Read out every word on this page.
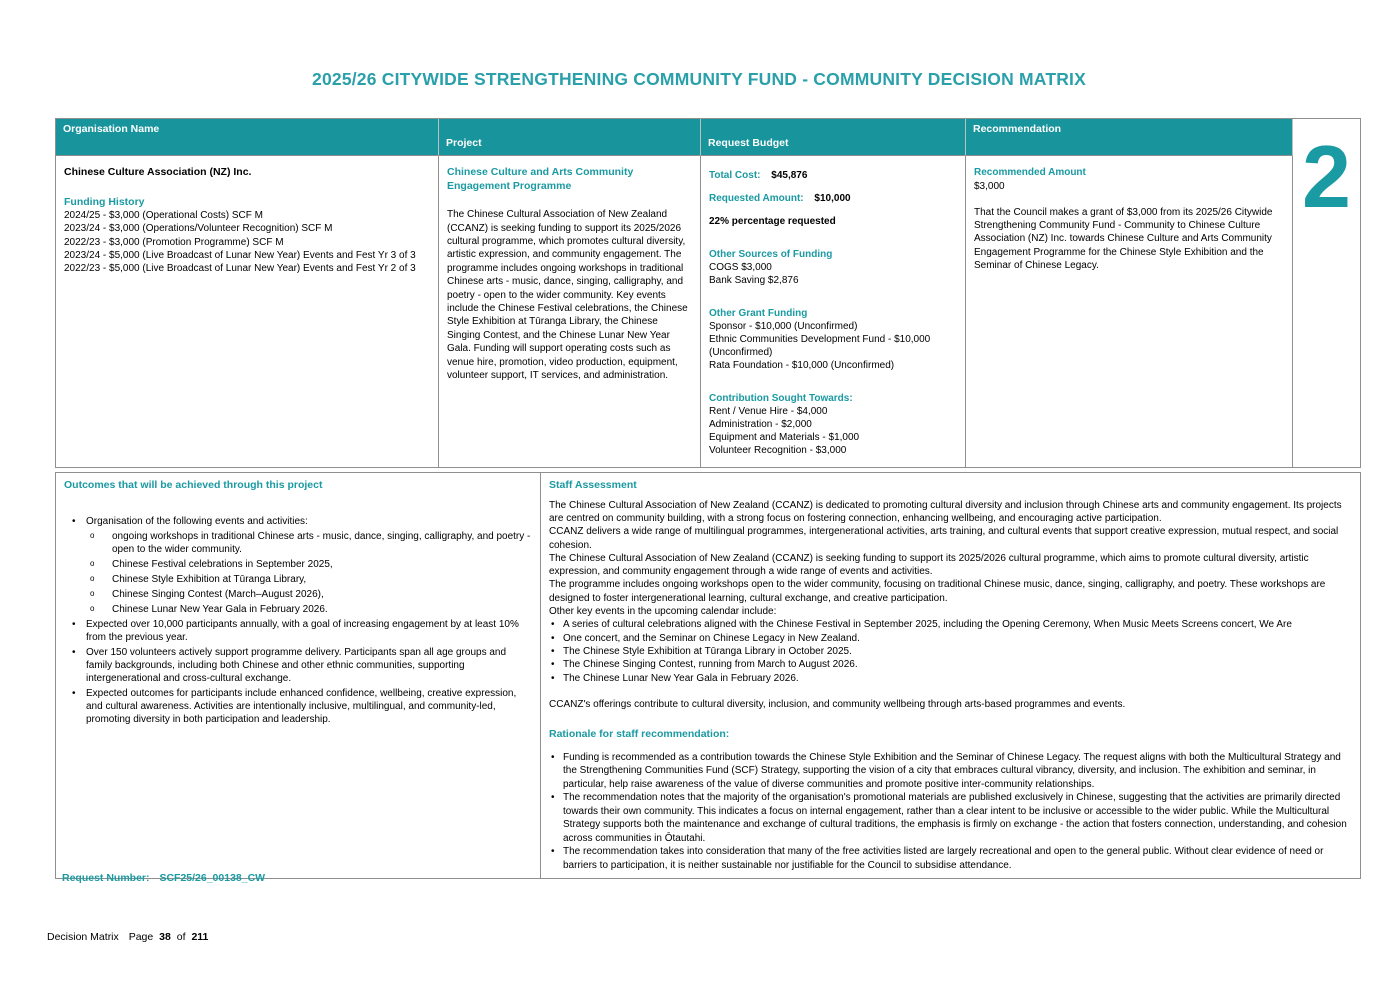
2025/26 CITYWIDE STRENGTHENING COMMUNITY FUND - COMMUNITY DECISION MATRIX
Organisation Name
Project	Request Budget
Recommendation	2
Chinese Culture Association (NZ) Inc.
Funding History
2024/25 - $3,000 (Operational Costs) SCF M
2023/24 - $3,000 (Operations/Volunteer Recognition) SCF M
2022/23 - $3,000 (Promotion Programme) SCF M
2023/24 - $5,000 (Live Broadcast of Lunar New Year) Events and Fest Yr 3 of 3
2022/23 - $5,000 (Live Broadcast of Lunar New Year) Events and Fest Yr 2 of 3
Chinese Culture and Arts Community Engagement Programme
The Chinese Cultural Association of New Zealand (CCANZ) is seeking funding to support its 2025/2026 cultural programme, which promotes cultural diversity, artistic expression, and community engagement. The programme includes ongoing workshops in traditional Chinese arts - music, dance, singing, calligraphy, and poetry - open to the wider community. Key events include the Chinese Festival celebrations, the Chinese Style Exhibition at Tūranga Library, the Chinese Singing Contest, and the Chinese Lunar New Year Gala. Funding will support operating costs such as venue hire, promotion, video production, equipment, volunteer support, IT services, and administration.
Total Cost: $45,876
Requested Amount: $10,000
22% percentage requested
Other Sources of Funding
COGS $3,000
Bank Saving $2,876
Other Grant Funding
Sponsor - $10,000 (Unconfirmed)
Ethnic Communities Development Fund - $10,000 (Unconfirmed)
Rata Foundation - $10,000 (Unconfirmed)
Contribution Sought Towards:
Rent / Venue Hire - $4,000
Administration - $2,000
Equipment and Materials - $1,000
Volunteer Recognition - $3,000
Recommended Amount
$3,000
That the Council makes a grant of $3,000 from its 2025/26 Citywide Strengthening Community Fund - Community to Chinese Culture Association (NZ) Inc. towards Chinese Culture and Arts Community Engagement Programme for the Chinese Style Exhibition and the Seminar of Chinese Legacy.
Outcomes that will be achieved through this project
• Organisation of the following events and activities:
o ongoing workshops in traditional Chinese arts - music, dance, singing, calligraphy, and poetry - open to the wider community.
o Chinese Festival celebrations in September 2025,
o Chinese Style Exhibition at Tūranga Library,
o Chinese Singing Contest (March–August 2026),
o Chinese Lunar New Year Gala in February 2026.
• Expected over 10,000 participants annually, with a goal of increasing engagement by at least 10% from the previous year.
• Over 150 volunteers actively support programme delivery. Participants span all age groups and family backgrounds, including both Chinese and other ethnic communities, supporting intergenerational and cross-cultural exchange.
• Expected outcomes for participants include enhanced confidence, wellbeing, creative expression, and cultural awareness. Activities are intentionally inclusive, multilingual, and community-led, promoting diversity in both participation and leadership.
Staff Assessment
The Chinese Cultural Association of New Zealand (CCANZ) is dedicated to promoting cultural diversity and inclusion through Chinese arts and community engagement. Its projects are centred on community building, with a strong focus on fostering connection, enhancing wellbeing, and encouraging active participation.
CCANZ delivers a wide range of multilingual programmes, intergenerational activities, arts training, and cultural events that support creative expression, mutual respect, and social cohesion.
The Chinese Cultural Association of New Zealand (CCANZ) is seeking funding to support its 2025/2026 cultural programme, which aims to promote cultural diversity, artistic expression, and community engagement through a wide range of events and activities.
The programme includes ongoing workshops open to the wider community, focusing on traditional Chinese music, dance, singing, calligraphy, and poetry. These workshops are designed to foster intergenerational learning, cultural exchange, and creative participation.
Other key events in the upcoming calendar include:
• A series of cultural celebrations aligned with the Chinese Festival in September 2025, including the Opening Ceremony, When Music Meets Screens concert, We Are
• One concert, and the Seminar on Chinese Legacy in New Zealand.
• The Chinese Style Exhibition at Tūranga Library in October 2025.
• The Chinese Singing Contest, running from March to August 2026.
• The Chinese Lunar New Year Gala in February 2026.
CCANZ's offerings contribute to cultural diversity, inclusion, and community wellbeing through arts-based programmes and events.
Rationale for staff recommendation:
• Funding is recommended as a contribution towards the Chinese Style Exhibition and the Seminar of Chinese Legacy. The request aligns with both the Multicultural Strategy and the Strengthening Communities Fund (SCF) Strategy, supporting the vision of a city that embraces cultural vibrancy, diversity, and inclusion. The exhibition and seminar, in particular, help raise awareness of the value of diverse communities and promote positive inter-community relationships.
• The recommendation notes that the majority of the organisation's promotional materials are published exclusively in Chinese, suggesting that the activities are primarily directed towards their own community. This indicates a focus on internal engagement, rather than a clear intent to be inclusive or accessible to the wider public. While the Multicultural Strategy supports both the maintenance and exchange of cultural traditions, the emphasis is firmly on exchange - the action that fosters connection, understanding, and cohesion across communities in Ōtautahi.
• The recommendation takes into consideration that many of the free activities listed are largely recreational and open to the general public. Without clear evidence of need or barriers to participation, it is neither sustainable nor justifiable for the Council to subsidise attendance.
Request Number: SCF25/26_00138_CW
Decision Matrix Page 38 of 211
